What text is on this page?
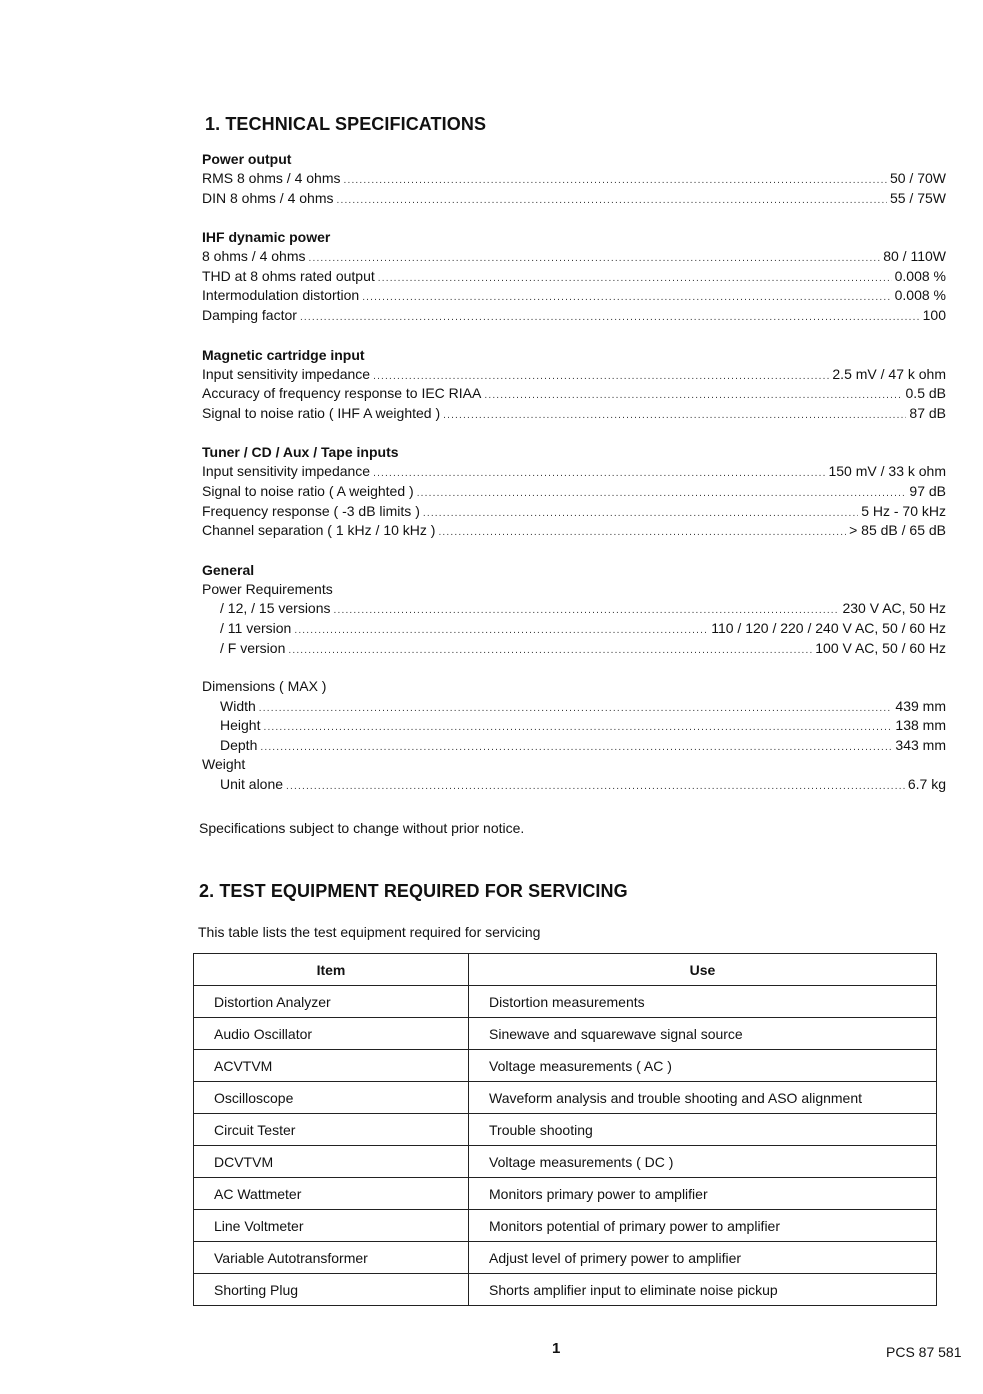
1. TECHNICAL SPECIFICATIONS
Power output
RMS 8 ohms / 4 ohms .....	50 / 70W
DIN 8 ohms / 4 ohms .....	55 / 75W
IHF dynamic power
8 ohms / 4 ohms .....	80 / 110W
THD at 8 ohms rated output .....	0.008 %
Intermodulation distortion .....	0.008 %
Damping factor .....	100
Magnetic cartridge input
Input sensitivity impedance .....	2.5 mV / 47 k ohm
Accuracy of frequency response to IEC RIAA .....	0.5 dB
Signal to noise ratio ( IHF A weighted ) .....	87 dB
Tuner / CD / Aux / Tape inputs
Input sensitivity impedance .....	150 mV / 33 k ohm
Signal to noise ratio ( A weighted ) .....	97 dB
Frequency response ( -3 dB limits ) .....	5 Hz - 70 kHz
Channel separation ( 1 kHz / 10 kHz ) .....	> 85 dB / 65 dB
General
Power Requirements
/ 12, / 15 versions .....	230 V AC, 50 Hz
/ 11 version .....	110 / 120 / 220 / 240 V AC, 50 / 60 Hz
/ F version .....	100 V AC, 50 / 60 Hz
Dimensions ( MAX )
Width .....	439 mm
Height .....	138 mm
Depth .....	343 mm
Weight
Unit alone .....	6.7 kg
Specifications subject to change without prior notice.
2. TEST EQUIPMENT REQUIRED FOR SERVICING
This table lists the test equipment required for servicing
Item	Use
Distortion Analyzer	Distortion measurements
Audio Oscillator	Sinewave and squarewave signal source
ACVTVM	Voltage measurements ( AC )
Oscilloscope	Waveform analysis and trouble shooting and ASO alignment
Circuit Tester	Trouble shooting
DCVTVM	Voltage measurements ( DC )
AC Wattmeter	Monitors primary power to amplifier
Line Voltmeter	Monitors potential of primary power to amplifier
Variable Autotransformer	Adjust level of primery power to amplifier
Shorting Plug	Shorts amplifier input to eliminate noise pickup
1	PCS 87 581
